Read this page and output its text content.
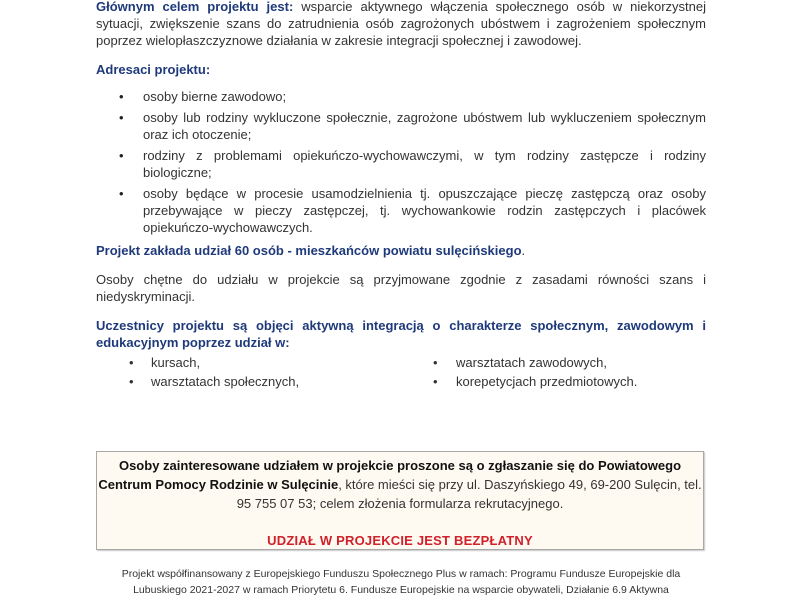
Głównym celem projektu jest: wsparcie aktywnego włączenia społecznego osób w niekorzystnej sytuacji, zwiększenie szans do zatrudnienia osób zagrożonych ubóstwem i zagrożeniem społecznym poprzez wielopłaszczyznowe działania w zakresie integracji społecznej i zawodowej.

Adresaci projektu:

• osoby bierne zawodowo;
• osoby lub rodziny wykluczone społecznie, zagrożone ubóstwem lub wykluczeniem społecznym oraz ich otoczenie;
• rodziny z problemami opiekuńczo-wychowawczymi, w tym rodziny zastępcze i rodziny biologiczne;
• osoby będące w procesie usamodzielnienia tj. opuszczające pieczę zastępczą oraz osoby przebywające w pieczy zastępczej, tj. wychowankowie rodzin zastępczych i placówek opiekuńczo-wychowawczych.

Projekt zakłada udział 60 osób - mieszkańców powiatu sulęcińskiego.

Osoby chętne do udziału w projekcie są przyjmowane zgodnie z zasadami równości szans i niedyskryminacji.

Uczestnicy projektu są objęci aktywną integracją o charakterze społecznym, zawodowym i edukacyjnym poprzez udział w:

• kursach,
• warsztatach społecznych,
• warsztatach zawodowych,
• korepetycjach przedmiotowych.

Osoby zainteresowane udziałem w projekcie proszone są o zgłaszanie się do Powiatowego Centrum Pomocy Rodzinie w Sulęcinie, które mieści się przy ul. Daszyńskiego 49, 69-200 Sulęcin, tel. 95 755 07 53; celem złożenia formularza rekrutacyjnego.

UDZIAŁ W PROJEKCIE JEST BEZPŁATNY

Projekt współfinansowany z Europejskiego Funduszu Społecznego Plus w ramach: Programu Fundusze Europejskie dla Lubuskiego 2021-2027 w ramach Priorytetu 6. Fundusze Europejskie na wsparcie obywateli, Działanie 6.9 Aktywna
